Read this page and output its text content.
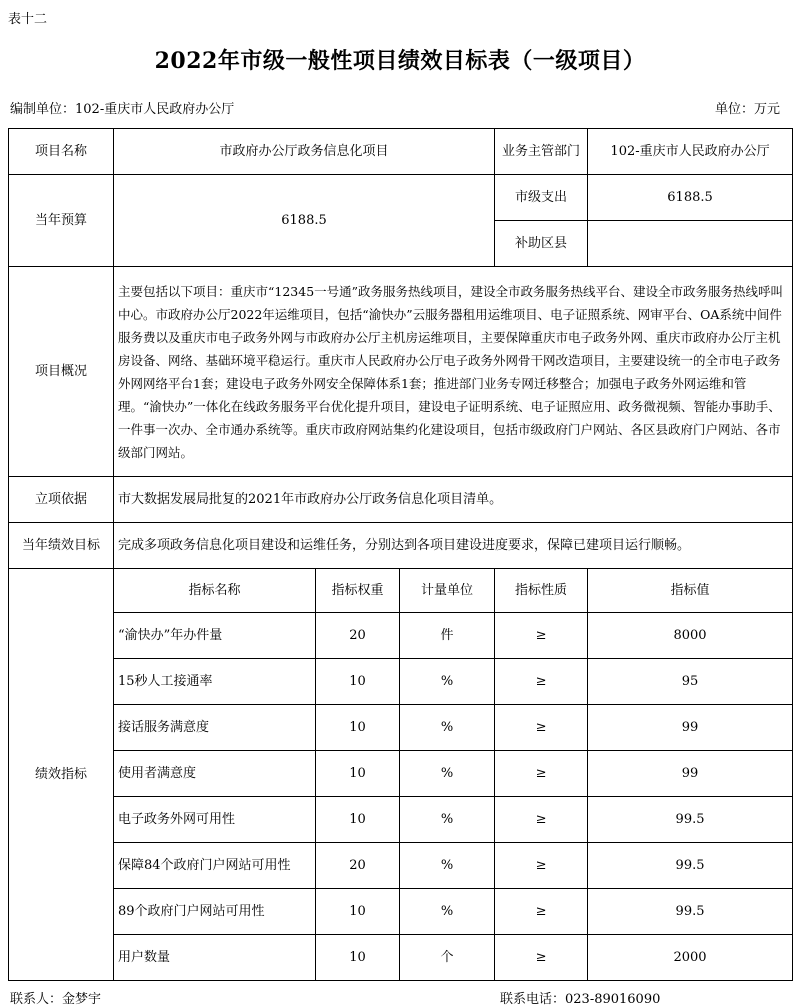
表十二
2022年市级一般性项目绩效目标表（一级项目）
编制单位：102-重庆市人民政府办公厅	单位：万元
项目名称	市政府办公厅政务信息化项目			业务主管部门	102-重庆市人民政府办公厅
当年预算	6188.5			市级支出	6188.5
				补助区县	
项目概况	主要包括以下项目：重庆市“12345一号通”政务服务热线项目，建设全市政务服务热线平台、建设全市政务服务热线呼叫中心。市政府办公厅2022年运维项目，包括“渝快办”云服务器租用运维项目、电子证照系统、网审平台、OA系统中间件服务费以及重庆市电子政务外网与市政府办公厅主机房运维项目，主要保障重庆市电子政务外网、重庆市政府办公厅主机房设备、网络、基础环境平稳运行。重庆市人民政府办公厅电子政务外网骨干网改造项目，主要建设统一的全市电子政务外网网络平台1套；建设电子政务外网安全保障体系1套；推进部门业务专网迁移整合；加强电子政务外网运维和管理。“渝快办”一体化在线政务服务平台优化提升项目，建设电子证明系统、电子证照应用、政务微视频、智能办事助手、一件事一次办、全市通办系统等。重庆市政府网站集约化建设项目，包括市级政府门户网站、各区县政府门户网站、各市级部门网站。				
立项依据	市大数据发展局批复的2021年市政府办公厅政务信息化项目清单。				
当年绩效目标	完成多项政务信息化项目建设和运维任务，分别达到各项目建设进度要求，保障已建项目运行顺畅。				
绩效指标	指标名称	指标权重	计量单位	指标性质	指标值
	“渝快办”年办件量	20	件	≥	8000
	15秒人工接通率	10	%	≥	95
	接话服务满意度	10	%	≥	99
	使用者满意度	10	%	≥	99
	电子政务外网可用性	10	%	≥	99.5
	保障84个政府门户网站可用性	20	%	≥	99.5
	89个政府门户网站可用性	10	%	≥	99.5
	用户数量	10	个	≥	2000
联系人：金梦宇	联系电话：023-89016090
